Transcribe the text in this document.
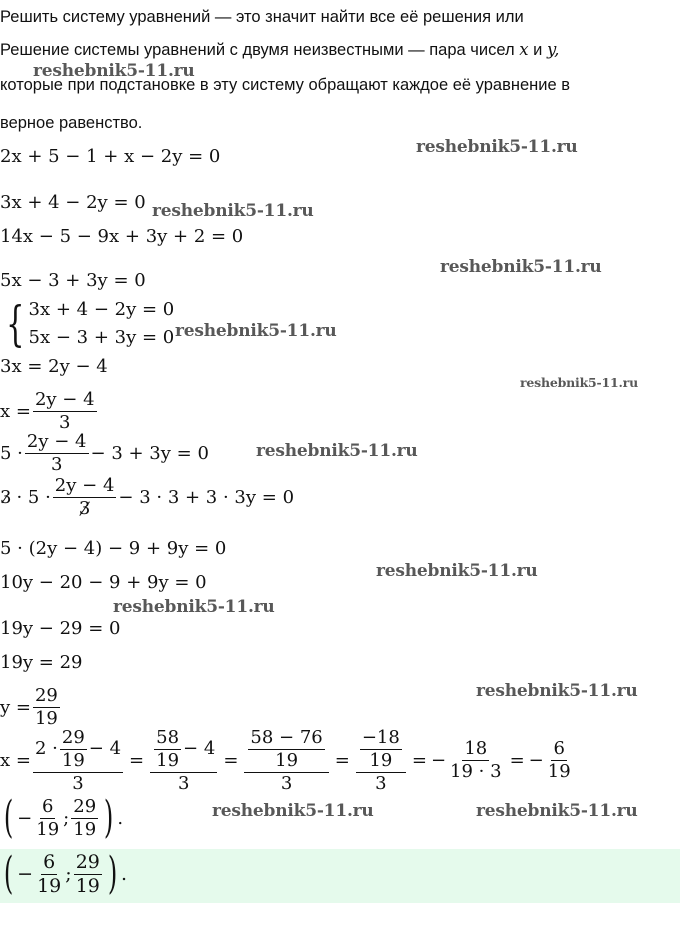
Решить систему уравнений — это значит найти все её решения или
Решение системы уравнений с двумя неизвестными — пара чисел x и y,
которые при подстановке в эту систему обращают каждое её уравнение в
верное равенство.
reshebnik5-11.ru
reshebnik5-11.ru
reshebnik5-11.ru
reshebnik5-11.ru
reshebnik5-11.ru
reshebnik5-11.ru
reshebnik5-11.ru
reshebnik5-11.ru
reshebnik5-11.ru
reshebnik5-11.ru
reshebnik5-11.ru	reshebnik5-11.ru
2x + 5 − 1 + x − 2y = 0
3x + 4 − 2y = 0
14x − 5 − 9x + 3y + 2 = 0
5x − 3 + 3y = 0
{ 3x + 4 − 2y = 0
5x − 3 + 3y = 0
3x = 2y − 4
$x = \frac{2y - 4}{3}$
$5 \cdot \frac{2y - 4}{3} - 3 + 3y = 0$
$3 \cdot 5 \cdot \frac{2y - 4}{3} - 3 \cdot 3 + 3 \cdot 3y = 0$
5 · (2y − 4) − 9 + 9y = 0
10y − 20 − 9 + 9y = 0
19y − 29 = 0
19y = 29
$y = \frac{29}{19}$
$x = \frac{2 \cdot \frac{29}{19} - 4}{3} = \frac{\frac{58}{19} - 4}{3} = \frac{\frac{58 - 76}{19}}{3} = \frac{\frac{-18}{19}}{3}$ = − $\frac{18}{19 \cdot 3}$ = − $\frac{6}{19}$
( − $\frac{6}{19}$ ; $\frac{29}{19}$ ) .
( − $\frac{6}{19}$ ; $\frac{29}{19}$ ) .
